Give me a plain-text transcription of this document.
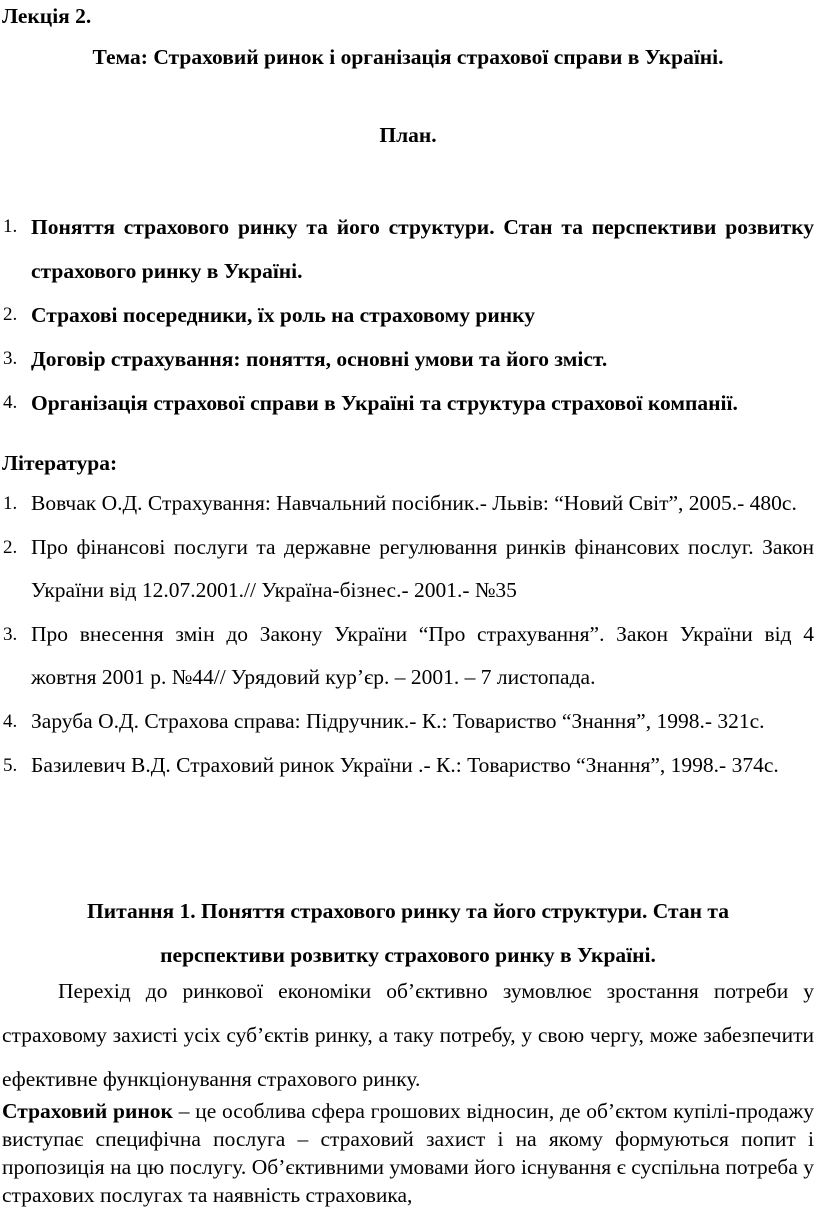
Лекція 2.
Тема: Страховий ринок і організація страхової справи в Україні.
План.
1. Поняття страхового ринку та його структури. Стан та перспективи розвитку страхового ринку в Україні.
2. Страхові посередники, їх роль на страховому ринку
3. Договір страхування: поняття, основні умови та його зміст.
4. Організація страхової справи в Україні та структура страхової компанії.
Література:
1. Вовчак О.Д. Страхування: Навчальний посібник.- Львів: “Новий Світ”, 2005.- 480с.
2. Про фінансові послуги та державне регулювання ринків фінансових послуг. Закон України від 12.07.2001.// Україна-бізнес.- 2001.- №35
3. Про внесення змін до Закону України “Про страхування”. Закон України від 4 жовтня 2001 р. №44// Урядовий кур’єр. – 2001. – 7 листопада.
4. Заруба О.Д. Страхова справа: Підручник.- К.: Товариство “Знання”, 1998.- 321с.
5. Базилевич В.Д. Страховий ринок України .- К.: Товариство “Знання”, 1998.- 374с.
Питання 1. Поняття страхового ринку та його структури. Стан та
перспективи розвитку страхового ринку в Україні.

Перехід до ринкової економіки об’єктивно зумовлює зростання потреби у страховому захисті усіх суб’єктів ринку, а таку потребу, у свою чергу, може забезпечити ефективне функціонування страхового ринку.

Страховий ринок – це особлива сфера грошових відносин, де об’єктом купілі-продажу виступає специфічна послуга – страховий захист і на якому формуються попит і пропозиція на цю послугу. Об’єктивними умовами його існування є суспільна потреба у страхових послугах та наявність страховика,
